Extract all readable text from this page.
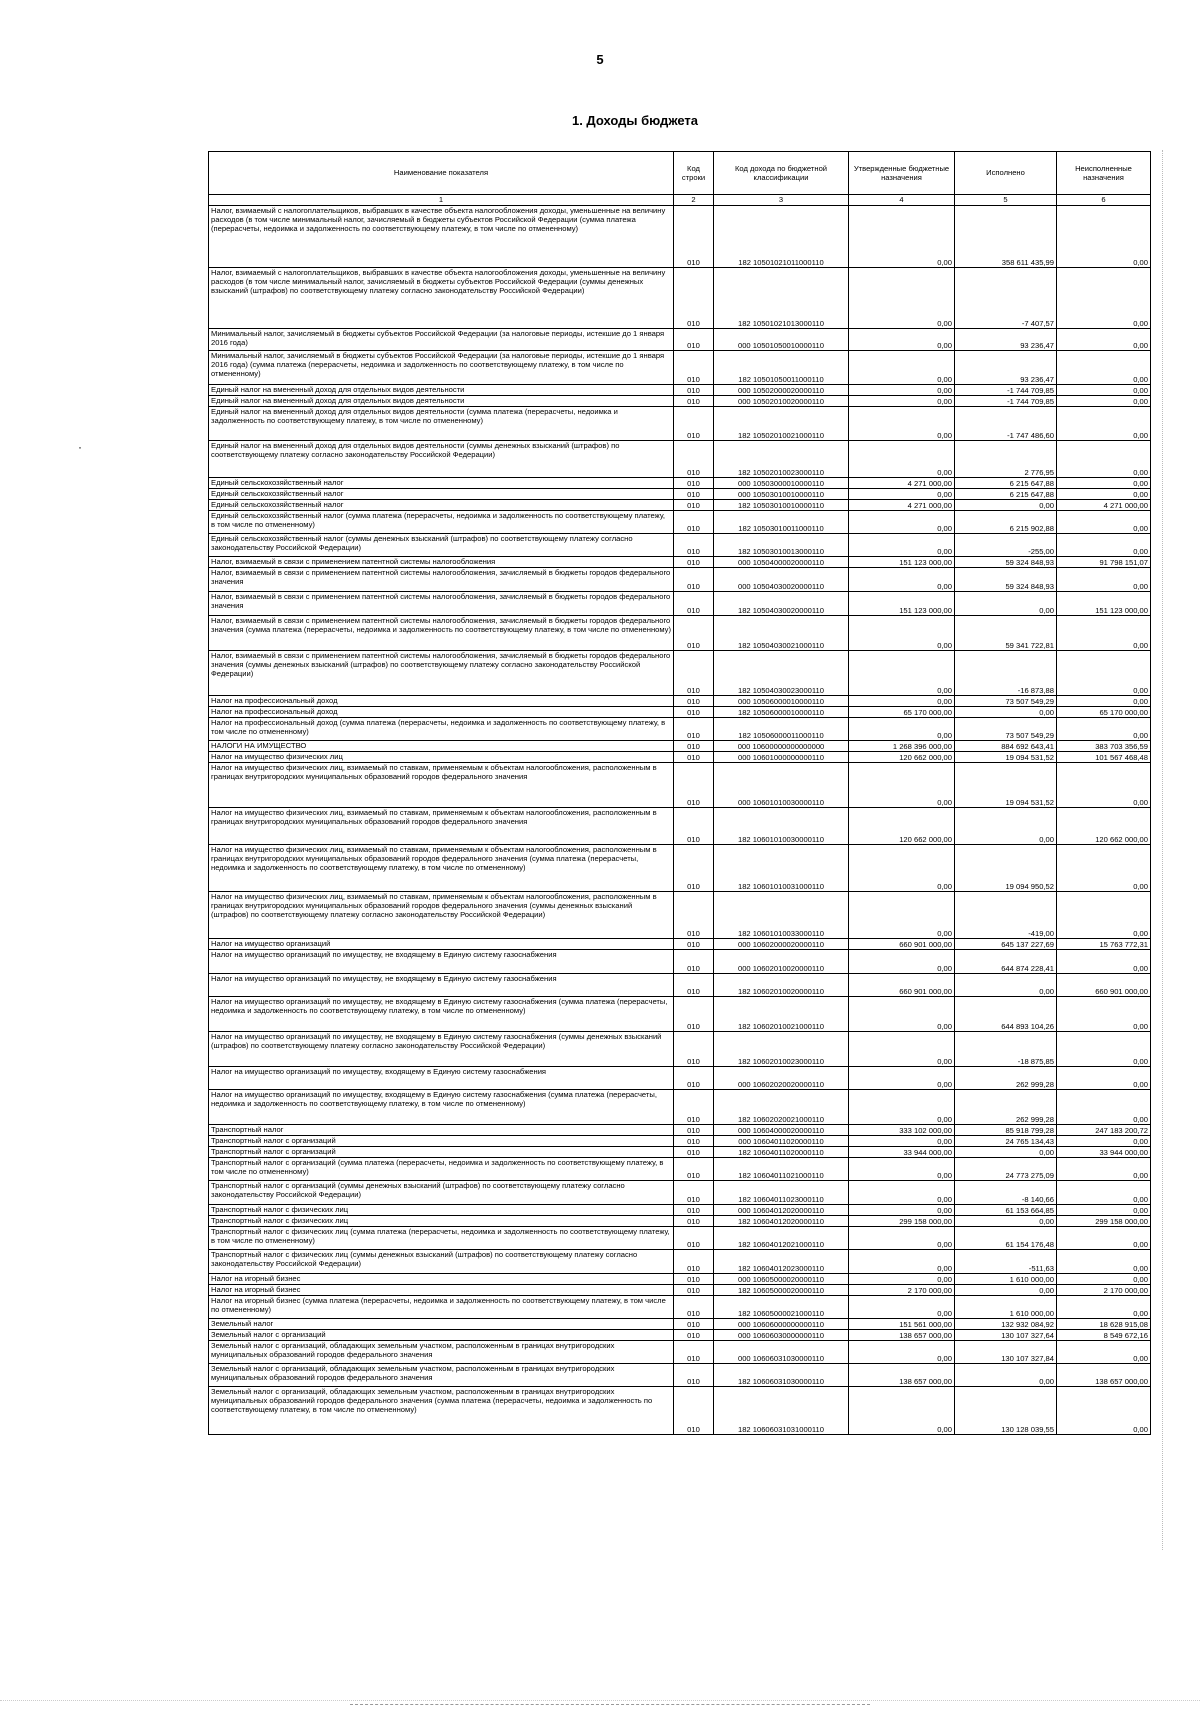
5
1. Доходы бюджета
·
Наименование показателя	Код строки	Код дохода по бюджетной классификации	Утвержденные бюджетные назначения	Исполнено	Неисполненные назначения
1	2	3	4	5	6
Налог, взимаемый с налогоплательщиков, выбравших в качестве объекта налогообложения доходы, уменьшенные на величину расходов (в том числе минимальный налог, зачисляемый в бюджеты субъектов Российской Федерации (сумма платежа (перерасчеты, недоимка и задолженность по соответствующему платежу, в том числе по отмененному)	010	182 10501021011000110	0,00	358 611 435,99	0,00
Налог, взимаемый с налогоплательщиков, выбравших в качестве объекта налогообложения доходы, уменьшенные на величину расходов (в том числе минимальный налог, зачисляемый в бюджеты субъектов Российской Федерации (суммы денежных взысканий (штрафов) по соответствующему платежу согласно законодательству Российской Федерации)	010	182 10501021013000110	0,00	-7 407,57	0,00
Минимальный налог, зачисляемый в бюджеты субъектов Российской Федерации (за налоговые периоды, истекшие до 1 января 2016 года)	010	000 10501050010000110	0,00	93 236,47	0,00
Минимальный налог, зачисляемый в бюджеты субъектов Российской Федерации (за налоговые периоды, истекшие до 1 января 2016 года) (сумма платежа (перерасчеты, недоимка и задолженность по соответствующему платежу, в том числе по отмененному)	010	182 10501050011000110	0,00	93 236,47	0,00
Единый налог на вмененный доход для отдельных видов деятельности	010	000 10502000020000110	0,00	-1 744 709,85	0,00
Единый налог на вмененный доход для отдельных видов деятельности	010	000 10502010020000110	0,00	-1 744 709,85	0,00
Единый налог на вмененный доход для отдельных видов деятельности (сумма платежа (перерасчеты, недоимка и задолженность по соответствующему платежу, в том числе по отмененному)	010	182 10502010021000110	0,00	-1 747 486,60	0,00
Единый налог на вмененный доход для отдельных видов деятельности (суммы денежных взысканий (штрафов) по соответствующему платежу согласно законодательству Российской Федерации)	010	182 10502010023000110	0,00	2 776,95	0,00
Единый сельскохозяйственный налог	010	000 10503000010000110	4 271 000,00	6 215 647,88	0,00
Единый сельскохозяйственный налог	010	000 10503010010000110	0,00	6 215 647,88	0,00
Единый сельскохозяйственный налог	010	182 10503010010000110	4 271 000,00	0,00	4 271 000,00
Единый сельскохозяйственный налог (сумма платежа (перерасчеты, недоимка и задолженность по соответствующему платежу, в том числе по отмененному)	010	182 10503010011000110	0,00	6 215 902,88	0,00
Единый сельскохозяйственный налог (суммы денежных взысканий (штрафов) по соответствующему платежу согласно законодательству Российской Федерации)	010	182 10503010013000110	0,00	-255,00	0,00
Налог, взимаемый в связи с применением патентной системы налогообложения	010	000 10504000020000110	151 123 000,00	59 324 848,93	91 798 151,07
Налог, взимаемый в связи с применением патентной системы налогообложения, зачисляемый в бюджеты городов федерального значения	010	000 10504030020000110	0,00	59 324 848,93	0,00
Налог, взимаемый в связи с применением патентной системы налогообложения, зачисляемый в бюджеты городов федерального значения	010	182 10504030020000110	151 123 000,00	0,00	151 123 000,00
Налог, взимаемый в связи с применением патентной системы налогообложения, зачисляемый в бюджеты городов федерального значения (сумма платежа (перерасчеты, недоимка и задолженность по соответствующему платежу, в том числе по отмененному)	010	182 10504030021000110	0,00	59 341 722,81	0,00
Налог, взимаемый в связи с применением патентной системы налогообложения, зачисляемый в бюджеты городов федерального значения (суммы денежных взысканий (штрафов) по соответствующему платежу согласно законодательству Российской Федерации)	010	182 10504030023000110	0,00	-16 873,88	0,00
Налог на профессиональный доход	010	000 10506000010000110	0,00	73 507 549,29	0,00
Налог на профессиональный доход	010	182 10506000010000110	65 170 000,00	0,00	65 170 000,00
Налог на профессиональный доход (сумма платежа (перерасчеты, недоимка и задолженность по соответствующему платежу, в том числе по отмененному)	010	182 10506000011000110	0,00	73 507 549,29	0,00
НАЛОГИ НА ИМУЩЕСТВО	010	000 10600000000000000	1 268 396 000,00	884 692 643,41	383 703 356,59
Налог на имущество физических лиц	010	000 10601000000000110	120 662 000,00	19 094 531,52	101 567 468,48
Налог на имущество физических лиц, взимаемый по ставкам, применяемым к объектам налогообложения, расположенным в границах внутригородских муниципальных образований городов федерального значения	010	000 10601010030000110	0,00	19 094 531,52	0,00
Налог на имущество физических лиц, взимаемый по ставкам, применяемым к объектам налогообложения, расположенным в границах внутригородских муниципальных образований городов федерального значения	010	182 10601010030000110	120 662 000,00	0,00	120 662 000,00
Налог на имущество физических лиц, взимаемый по ставкам, применяемым к объектам налогообложения, расположенным в границах внутригородских муниципальных образований городов федерального значения (сумма платежа (перерасчеты, недоимка и задолженность по соответствующему платежу, в том числе по отмененному)	010	182 10601010031000110	0,00	19 094 950,52	0,00
Налог на имущество физических лиц, взимаемый по ставкам, применяемым к объектам налогообложения, расположенным в границах внутригородских муниципальных образований городов федерального значения (суммы денежных взысканий (штрафов) по соответствующему платежу согласно законодательству Российской Федерации)	010	182 10601010033000110	0,00	-419,00	0,00
Налог на имущество организаций	010	000 10602000020000110	660 901 000,00	645 137 227,69	15 763 772,31
Налог на имущество организаций по имуществу, не входящему в Единую систему газоснабжения	010	000 10602010020000110	0,00	644 874 228,41	0,00
Налог на имущество организаций по имуществу, не входящему в Единую систему газоснабжения	010	182 10602010020000110	660 901 000,00	0,00	660 901 000,00
Налог на имущество организаций по имуществу, не входящему в Единую систему газоснабжения (сумма платежа (перерасчеты, недоимка и задолженность по соответствующему платежу, в том числе по отмененному)	010	182 10602010021000110	0,00	644 893 104,26	0,00
Налог на имущество организаций по имуществу, не входящему в Единую систему газоснабжения (суммы денежных взысканий (штрафов) по соответствующему платежу согласно законодательству Российской Федерации)	010	182 10602010023000110	0,00	-18 875,85	0,00
Налог на имущество организаций по имуществу, входящему в Единую систему газоснабжения	010	000 10602020020000110	0,00	262 999,28	0,00
Налог на имущество организаций по имуществу, входящему в Единую систему газоснабжения (сумма платежа (перерасчеты, недоимка и задолженность по соответствующему платежу, в том числе по отмененному)	010	182 10602020021000110	0,00	262 999,28	0,00
Транспортный налог	010	000 10604000020000110	333 102 000,00	85 918 799,28	247 183 200,72
Транспортный налог с организаций	010	000 10604011020000110	0,00	24 765 134,43	0,00
Транспортный налог с организаций	010	182 10604011020000110	33 944 000,00	0,00	33 944 000,00
Транспортный налог с организаций (сумма платежа (перерасчеты, недоимка и задолженность по соответствующему платежу, в том числе по отмененному)	010	182 10604011021000110	0,00	24 773 275,09	0,00
Транспортный налог с организаций (суммы денежных взысканий (штрафов) по соответствующему платежу согласно законодательству Российской Федерации)	010	182 10604011023000110	0,00	-8 140,66	0,00
Транспортный налог с физических лиц	010	000 10604012020000110	0,00	61 153 664,85	0,00
Транспортный налог с физических лиц	010	182 10604012020000110	299 158 000,00	0,00	299 158 000,00
Транспортный налог с физических лиц (сумма платежа (перерасчеты, недоимка и задолженность по соответствующему платежу, в том числе по отмененному)	010	182 10604012021000110	0,00	61 154 176,48	0,00
Транспортный налог с физических лиц (суммы денежных взысканий (штрафов) по соответствующему платежу согласно законодательству Российской Федерации)	010	182 10604012023000110	0,00	-511,63	0,00
Налог на игорный бизнес	010	000 10605000020000110	0,00	1 610 000,00	0,00
Налог на игорный бизнес	010	182 10605000020000110	2 170 000,00	0,00	2 170 000,00
Налог на игорный бизнес (сумма платежа (перерасчеты, недоимка и задолженность по соответствующему платежу, в том числе по отмененному)	010	182 10605000021000110	0,00	1 610 000,00	0,00
Земельный налог	010	000 10606000000000110	151 561 000,00	132 932 084,92	18 628 915,08
Земельный налог с организаций	010	000 10606030000000110	138 657 000,00	130 107 327,64	8 549 672,16
Земельный налог с организаций, обладающих земельным участком, расположенным в границах внутригородских муниципальных образований городов федерального значения	010	000 10606031030000110	0,00	130 107 327,84	0,00
Земельный налог с организаций, обладающих земельным участком, расположенным в границах внутригородских муниципальных образований городов федерального значения	010	182 10606031030000110	138 657 000,00	0,00	138 657 000,00
Земельный налог с организаций, обладающих земельным участком, расположенным в границах внутригородских муниципальных образований городов федерального значения (сумма платежа (перерасчеты, недоимка и задолженность по соответствующему платежу, в том числе по отмененному)	010	182 10606031031000110	0,00	130 128 039,55	0,00
